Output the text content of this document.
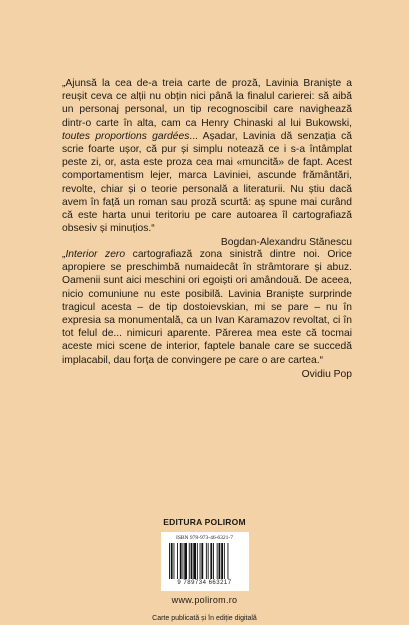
„Ajunsă la cea de-a treia carte de proză, Lavinia Braniște a reușit ceva ce alții nu obțin nici până la finalul carierei: să aibă un personaj personal, un tip recognoscibil care navighează dintr-o carte în alta, cam ca Henry Chinaski al lui Bukowski, toutes proportions gardées... Așadar, Lavinia dă senzația că scrie foarte ușor, că pur și simplu notează ce i s-a întâmplat peste zi, or, asta este proza cea mai «muncită» de fapt. Acest comportamentism lejer, marca Laviniei, ascunde frământări, revolte, chiar și o teorie personală a literaturii. Nu știu dacă avem în față un roman sau proză scurtă: aș spune mai curând că este harta unui teritoriu pe care autoarea îl cartografiază obsesiv și minuțios.“

Bogdan-Alexandru Stănescu

„Interior zero cartografiază zona sinistră dintre noi. Orice apropiere se preschimbă numaidecât în strâmtorare și abuz. Oamenii sunt aici meschini ori egoiști ori amândouă. De aceea, nicio comuniune nu este posibilă. Lavinia Braniște surprinde tragicul acesta – de tip dostoievskian, mi se pare – nu în expresia sa monumentală, ca un Ivan Karamazov revoltat, ci în tot felul de... nimicuri aparente. Părerea mea este că tocmai aceste mici scene de interior, faptele banale care se succedă implacabil, dau forța de convingere pe care o are cartea.“

Ovidiu Pop
EDITURA POLIROM
ISBN 978-973-46-6321-7
9 789734 663217
www.polirom.ro
Carte publicată și în ediție digitală
